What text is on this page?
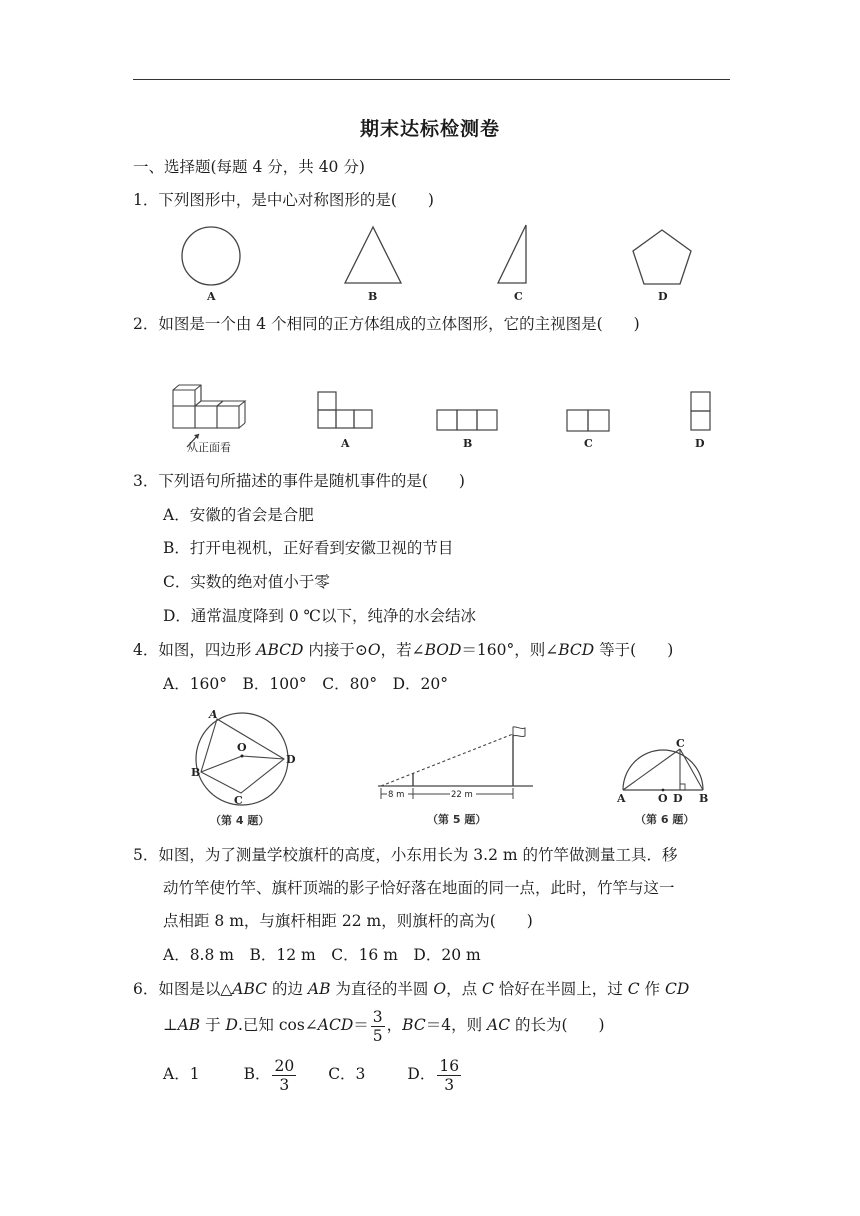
期末达标检测卷
一、选择题(每题 4 分，共 40 分)
1．下列图形中，是中心对称图形的是(　　)
A	B	C	D
2．如图是一个由 4 个相同的正方体组成的立体图形，它的主视图是(　　)
从正面看	A	B	C	D
3．下列语句所描述的事件是随机事件的是(　　)
A．安徽的省会是合肥
B．打开电视机，正好看到安徽卫视的节目
C．实数的绝对值小于零
D．通常温度降到 0 ℃以下，纯净的水会结冰
4．如图，四边形 ABCD 内接于⊙O，若∠BOD＝160°，则∠BCD 等于(　　)
A．160°　B．100°　C．80°　D．20°
A
B
C
D
O
（第 4 题）
8 m	22 m
（第 5 题）
A	O D B
C
（第 6 题）
5．如图，为了测量学校旗杆的高度，小东用长为 3.2 m 的竹竿做测量工具．移
动竹竿使竹竿、旗杆顶端的影子恰好落在地面的同一点，此时，竹竿与这一
点相距 8 m，与旗杆相距 22 m，则旗杆的高为(　　)
A．8.8 m　B．12 m　C．16 m　D．20 m
6．如图是以△ABC 的边 AB 为直径的半圆 O，点 C 恰好在半圆上，过 C 作 CD
⊥AB 于 D.已知 cos∠ACD＝ $\frac{3}{5}$ ，BC＝4，则 AC 的长为(　　)
A．1	B． $\frac{20}{3}$ C．3	D． $\frac{16}{3}$
